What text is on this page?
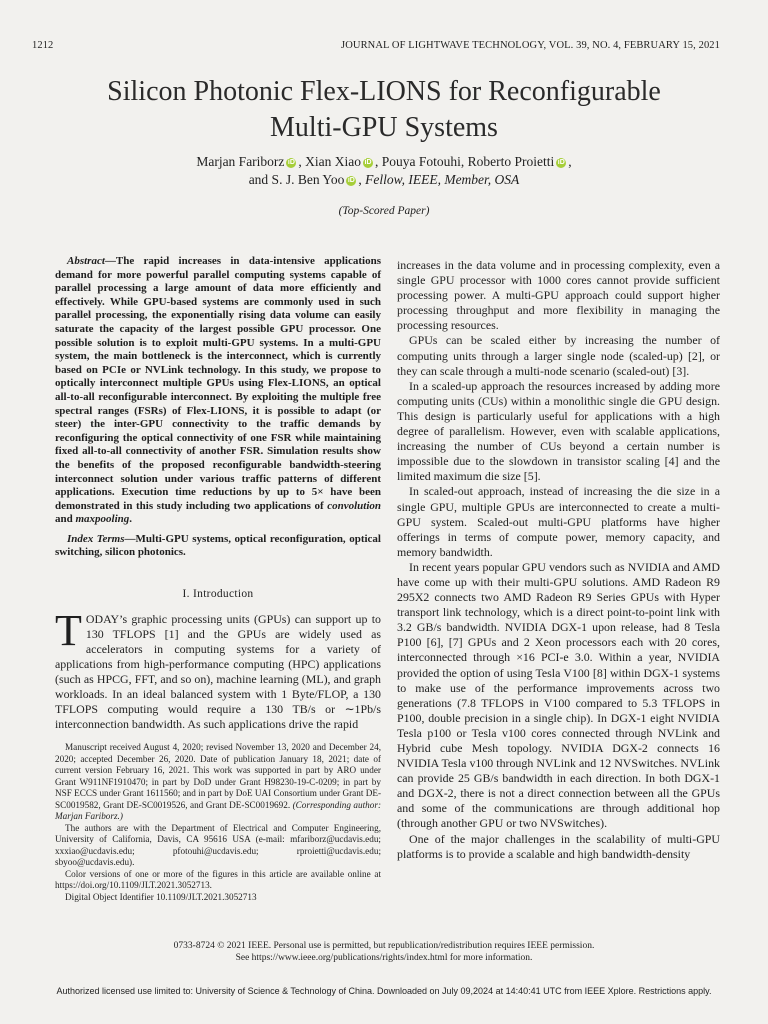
1212	JOURNAL OF LIGHTWAVE TECHNOLOGY, VOL. 39, NO. 4, FEBRUARY 15, 2021
Silicon Photonic Flex-LIONS for Reconfigurable
Multi-GPU Systems
Marjan Fariborz iD , Xian Xiao iD , Pouya Fotouhi, Roberto Proietti iD ,
and S. J. Ben Yoo iD , Fellow, IEEE, Member, OSA
(Top-Scored Paper)

Abstract—The rapid increases in data-intensive applications demand for more powerful parallel computing systems capable of parallel processing a large amount of data more efficiently and effectively. While GPU-based systems are commonly used in such parallel processing, the exponentially rising data volume can easily saturate the capacity of the largest possible GPU processor. One possible solution is to exploit multi-GPU systems. In a multi-GPU system, the main bottleneck is the interconnect, which is currently based on PCIe or NVLink technology. In this study, we propose to optically interconnect multiple GPUs using Flex-LIONS, an optical all-to-all reconfigurable interconnect. By exploiting the multiple free spectral ranges (FSRs) of Flex-LIONS, it is possible to adapt (or steer) the inter-GPU connectivity to the traffic demands by reconfiguring the optical connectivity of one FSR while maintaining fixed all-to-all connectivity of another FSR. Simulation results show the benefits of the proposed reconfigurable bandwidth-steering interconnect solution under various traffic patterns of different applications. Execution time reductions by up to 5× have been demonstrated in this study including two applications of convolution and maxpooling.

Index Terms—Multi-GPU systems, optical reconfiguration, optical switching, silicon photonics.

I. Introduction

TODAY’s graphic processing units (GPUs) can support up to 130 TFLOPS [1] and the GPUs are widely used as accelerators in computing systems for a variety of applications from high-performance computing (HPC) applications (such as HPCG, FFT, and so on), machine learning (ML), and graph workloads. In an ideal balanced system with 1 Byte/FLOP, a 130 TFLOPS computing would require a 130 TB/s or ∼1Pb/s interconnection bandwidth. As such applications drive the rapid

Manuscript received August 4, 2020; revised November 13, 2020 and December 24, 2020; accepted December 26, 2020. Date of publication January 18, 2021; date of current version February 16, 2021. This work was supported in part by ARO under Grant W911NF1910470; in part by DoD under Grant H98230-19-C-0209; in part by NSF ECCS under Grant 1611560; and in part by DoE UAI Consortium under Grant DE-SC0019582, Grant DE-SC0019526, and Grant DE-SC0019692. (Corresponding author: Marjan Fariborz.)

The authors are with the Department of Electrical and Computer Engineering, University of California, Davis, CA 95616 USA (e-mail: mfariborz@ucdavis.edu; xxxiao@ucdavis.edu; pfotouhi@ucdavis.edu; rproietti@ucdavis.edu; sbyoo@ucdavis.edu).

Color versions of one or more of the figures in this article are available online at https://doi.org/10.1109/JLT.2021.3052713.

Digital Object Identifier 10.1109/JLT.2021.3052713

increases in the data volume and in processing complexity, even a single GPU processor with 1000 cores cannot provide sufficient processing power. A multi-GPU approach could support higher processing throughput and more flexibility in managing the processing resources.

GPUs can be scaled either by increasing the number of computing units through a larger single node (scaled-up) [2], or they can scale through a multi-node scenario (scaled-out) [3].

In a scaled-up approach the resources increased by adding more computing units (CUs) within a monolithic single die GPU design. This design is particularly useful for applications with a high degree of parallelism. However, even with scalable applications, increasing the number of CUs beyond a certain number is impossible due to the slowdown in transistor scaling [4] and the limited maximum die size [5].

In scaled-out approach, instead of increasing the die size in a single GPU, multiple GPUs are interconnected to create a multi-GPU system. Scaled-out multi-GPU platforms have higher offerings in terms of compute power, memory capacity, and memory bandwidth.

In recent years popular GPU vendors such as NVIDIA and AMD have come up with their multi-GPU solutions. AMD Radeon R9 295X2 connects two AMD Radeon R9 Series GPUs with Hyper transport link technology, which is a direct point-to-point link with 3.2 GB/s bandwidth. NVIDIA DGX-1 upon release, had 8 Tesla P100 [6], [7] GPUs and 2 Xeon processors each with 20 cores, interconnected through ×16 PCI-e 3.0. Within a year, NVIDIA provided the option of using Tesla V100 [8] within DGX-1 systems to make use of the performance improvements across two generations (7.8 TFLOPS in V100 compared to 5.3 TFLOPS in P100, double precision in a single chip). In DGX-1 eight NVIDIA Tesla p100 or Tesla v100 cores connected through NVLink and Hybrid cube Mesh topology. NVIDIA DGX-2 connects 16 NVIDIA Tesla v100 through NVLink and 12 NVSwitches. NVLink can provide 25 GB/s bandwidth in each direction. In both DGX-1 and DGX-2, there is not a direct connection between all the GPUs and some of the communications are through additional hop (through another GPU or two NVSwitches).

One of the major challenges in the scalability of multi-GPU platforms is to provide a scalable and high bandwidth-density

0733-8724 © 2021 IEEE. Personal use is permitted, but republication/redistribution requires IEEE permission.
See https://www.ieee.org/publications/rights/index.html for more information.
Authorized licensed use limited to: University of Science & Technology of China. Downloaded on July 09,2024 at 14:40:41 UTC from IEEE Xplore. Restrictions apply.
